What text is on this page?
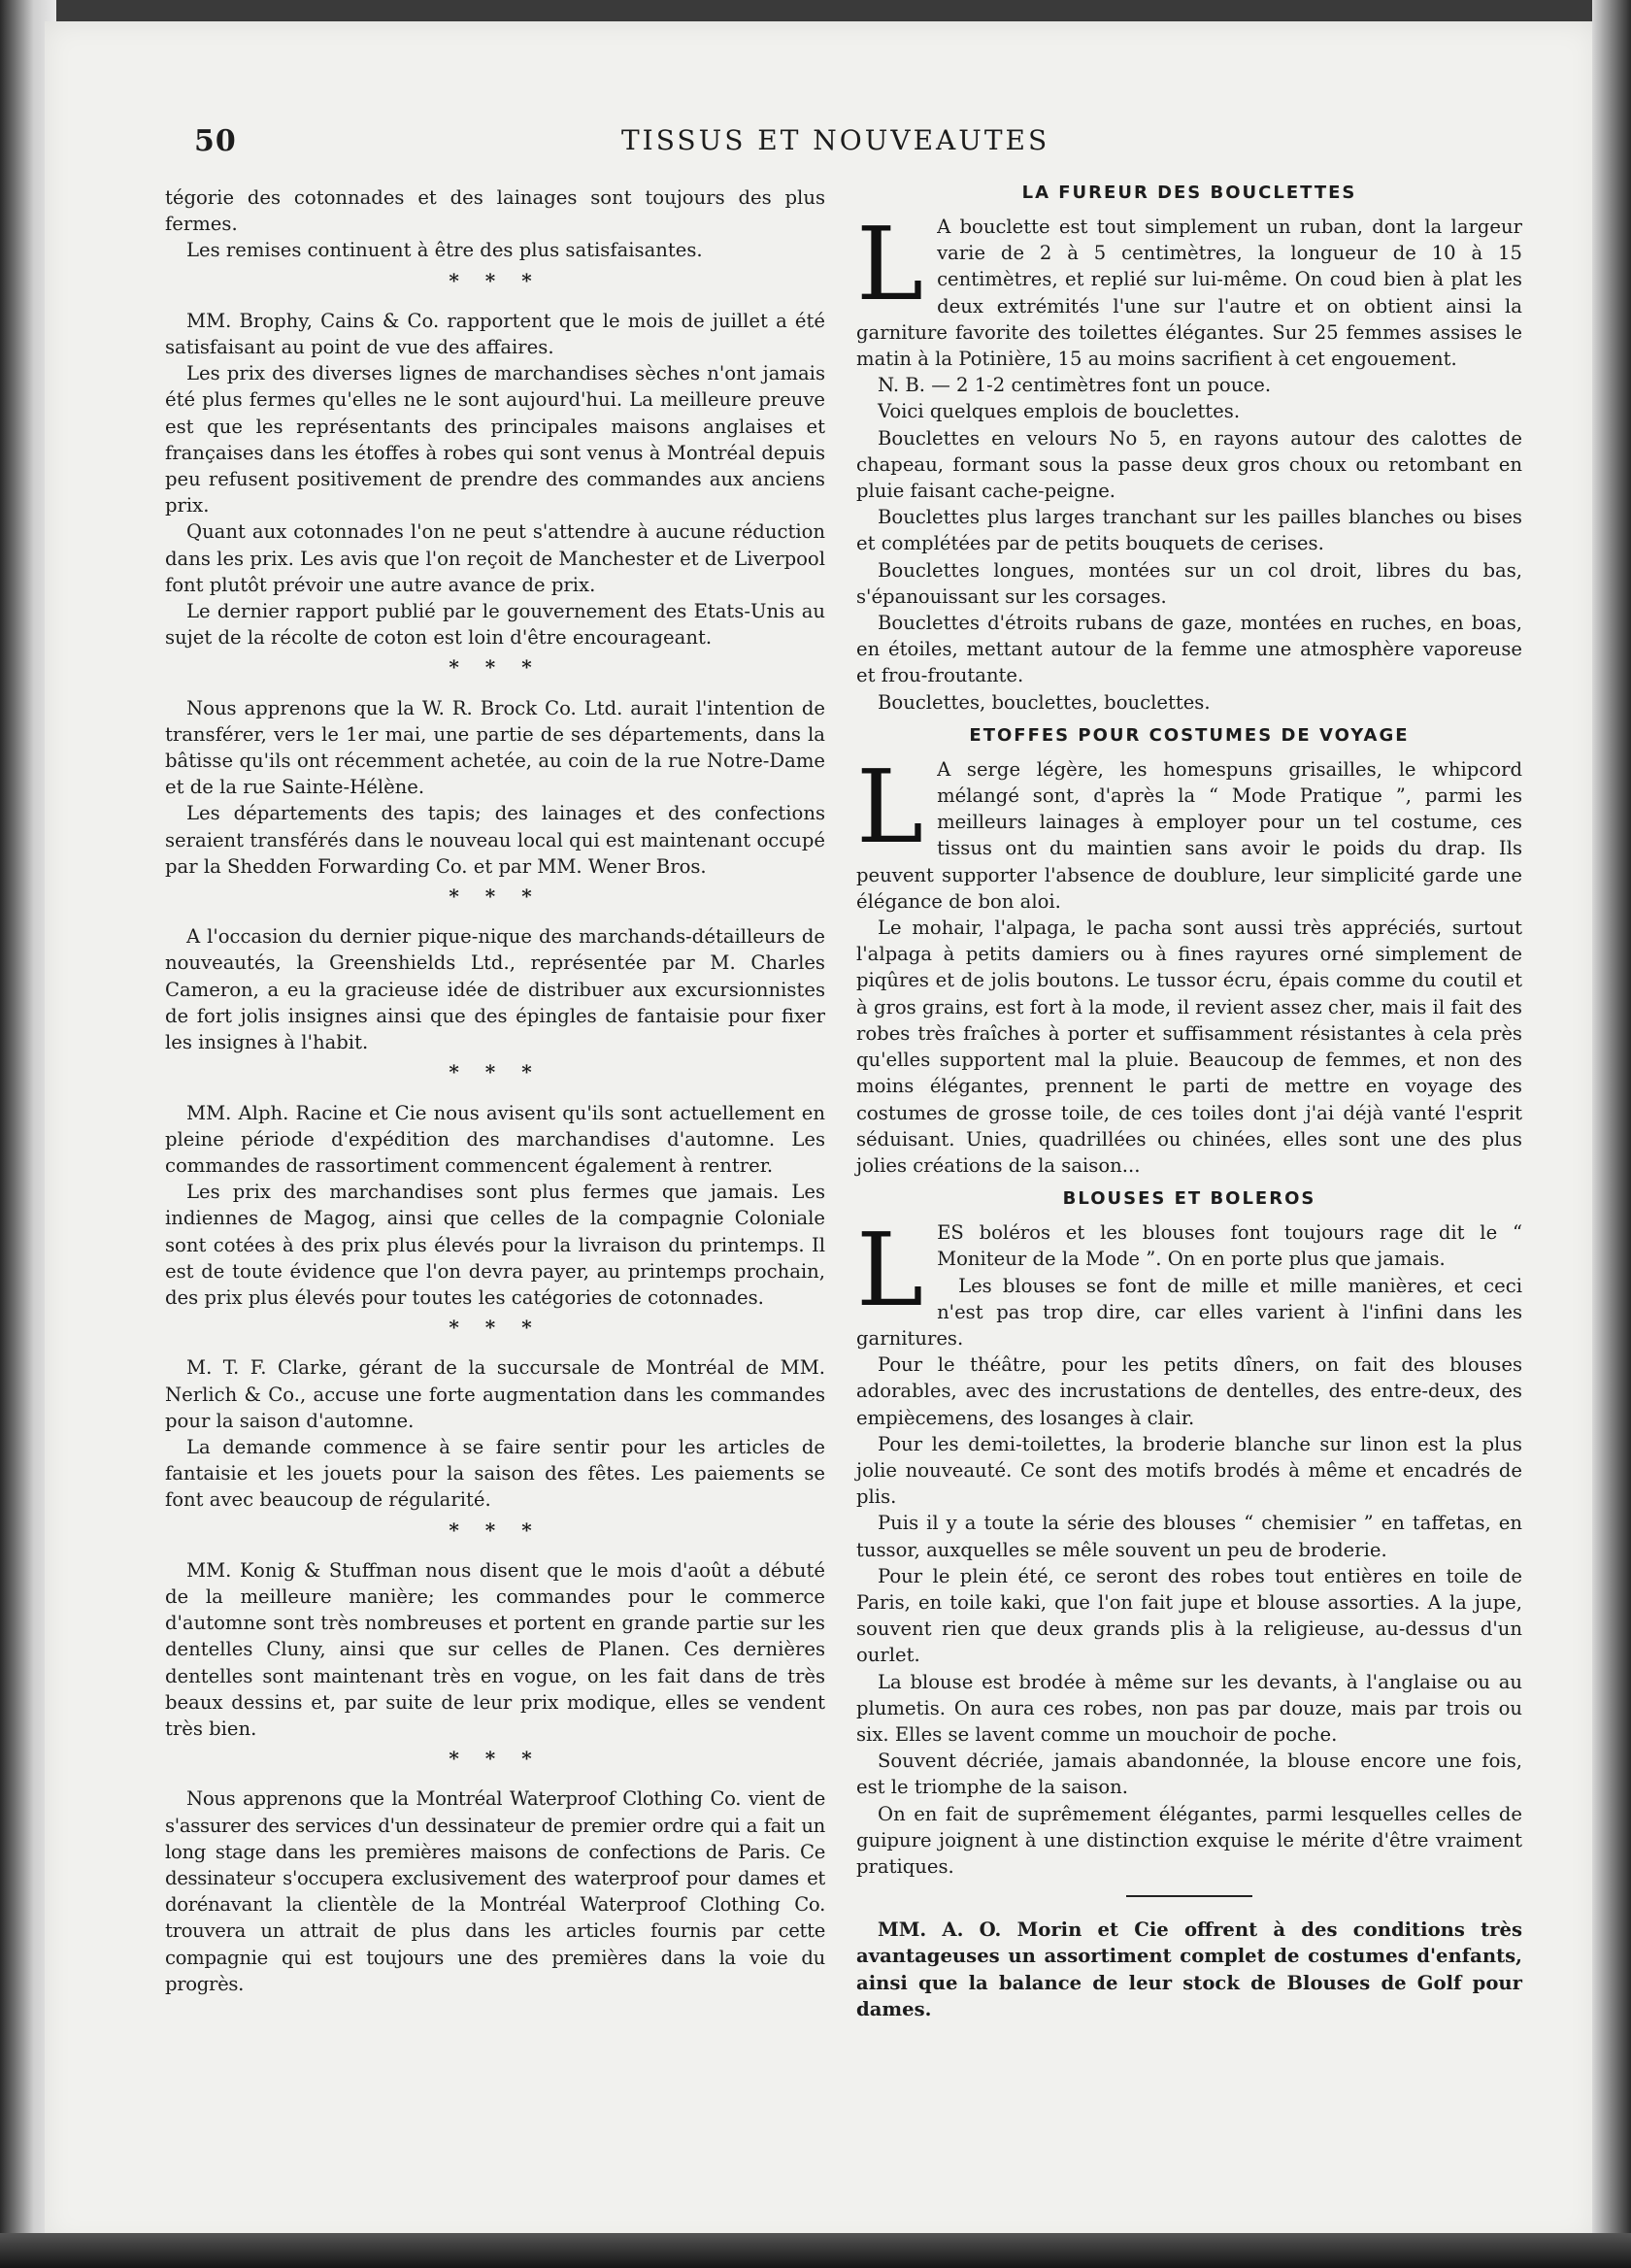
50	TISSUS ET NOUVEAUTES

tégorie des cotonnades et des lainages sont toujours des plus fermes.

Les remises continuent à être des plus satisfaisantes.

* * *

MM. Brophy, Cains & Co. rapportent que le mois de juillet a été satisfaisant au point de vue des affaires.

Les prix des diverses lignes de marchandises sèches n'ont jamais été plus fermes qu'elles ne le sont aujourd'hui. La meilleure preuve est que les représentants des principales maisons anglaises et françaises dans les étoffes à robes qui sont venus à Montréal depuis peu refusent positivement de prendre des commandes aux anciens prix.

Quant aux cotonnades l'on ne peut s'attendre à aucune réduction dans les prix. Les avis que l'on reçoit de Manchester et de Liverpool font plutôt prévoir une autre avance de prix.

Le dernier rapport publié par le gouvernement des Etats-Unis au sujet de la récolte de coton est loin d'être encourageant.

* * *

Nous apprenons que la W. R. Brock Co. Ltd. aurait l'intention de transférer, vers le 1er mai, une partie de ses départements, dans la bâtisse qu'ils ont récemment achetée, au coin de la rue Notre-Dame et de la rue Sainte-Hélène.

Les départements des tapis; des lainages et des confections seraient transférés dans le nouveau local qui est maintenant occupé par la Shedden Forwarding Co. et par MM. Wener Bros.

* * *

A l'occasion du dernier pique-nique des marchands-détailleurs de nouveautés, la Greenshields Ltd., représentée par M. Charles Cameron, a eu la gracieuse idée de distribuer aux excursionnistes de fort jolis insignes ainsi que des épingles de fantaisie pour fixer les insignes à l'habit.

* * *

MM. Alph. Racine et Cie nous avisent qu'ils sont actuellement en pleine période d'expédition des marchandises d'automne. Les commandes de rassortiment commencent également à rentrer.

Les prix des marchandises sont plus fermes que jamais. Les indiennes de Magog, ainsi que celles de la compagnie Coloniale sont cotées à des prix plus élevés pour la livraison du printemps. Il est de toute évidence que l'on devra payer, au printemps prochain, des prix plus élevés pour toutes les catégories de cotonnades.

* * *

M. T. F. Clarke, gérant de la succursale de Montréal de MM. Nerlich & Co., accuse une forte augmentation dans les commandes pour la saison d'automne.

La demande commence à se faire sentir pour les articles de fantaisie et les jouets pour la saison des fêtes. Les paiements se font avec beaucoup de régularité.

* * *

MM. Konig & Stuffman nous disent que le mois d'août a débuté de la meilleure manière; les commandes pour le commerce d'automne sont très nombreuses et portent en grande partie sur les dentelles Cluny, ainsi que sur celles de Planen. Ces dernières dentelles sont maintenant très en vogue, on les fait dans de très beaux dessins et, par suite de leur prix modique, elles se vendent très bien.

* * *

Nous apprenons que la Montréal Waterproof Clothing Co. vient de s'assurer des services d'un dessinateur de premier ordre qui a fait un long stage dans les premières maisons de confections de Paris. Ce dessinateur s'occupera exclusivement des waterproof pour dames et dorénavant la clientèle de la Montréal Waterproof Clothing Co. trouvera un attrait de plus dans les articles fournis par cette compagnie qui est toujours une des premières dans la voie du progrès.

LA FUREUR DES BOUCLETTES

L A bouclette est tout simplement un ruban, dont la largeur varie de 2 à 5 centimètres, la longueur de 10 à 15 centimètres, et replié sur lui-même. On coud bien à plat les deux extrémités l'une sur l'autre et on obtient ainsi la garniture favorite des toilettes élégantes. Sur 25 femmes assises le matin à la Potinière, 15 au moins sacrifient à cet engouement.

N. B. — 2 1-2 centimètres font un pouce.

Voici quelques emplois de bouclettes.

Bouclettes en velours No 5, en rayons autour des calottes de chapeau, formant sous la passe deux gros choux ou retombant en pluie faisant cache-peigne.

Bouclettes plus larges tranchant sur les pailles blanches ou bises et complétées par de petits bouquets de cerises.

Bouclettes longues, montées sur un col droit, libres du bas, s'épanouissant sur les corsages.

Bouclettes d'étroits rubans de gaze, montées en ruches, en boas, en étoiles, mettant autour de la femme une atmosphère vaporeuse et frou-froutante.

Bouclettes, bouclettes, bouclettes.

ETOFFES POUR COSTUMES DE VOYAGE

L A serge légère, les homespuns grisailles, le whipcord mélangé sont, d'après la “ Mode Pratique ”, parmi les meilleurs lainages à employer pour un tel costume, ces tissus ont du maintien sans avoir le poids du drap. Ils peuvent supporter l'absence de doublure, leur simplicité garde une élégance de bon aloi.

Le mohair, l'alpaga, le pacha sont aussi très appréciés, surtout l'alpaga à petits damiers ou à fines rayures orné simplement de piqûres et de jolis boutons. Le tussor écru, épais comme du coutil et à gros grains, est fort à la mode, il revient assez cher, mais il fait des robes très fraîches à porter et suffisamment résistantes à cela près qu'elles supportent mal la pluie. Beaucoup de femmes, et non des moins élégantes, prennent le parti de mettre en voyage des costumes de grosse toile, de ces toiles dont j'ai déjà vanté l'esprit séduisant. Unies, quadrillées ou chinées, elles sont une des plus jolies créations de la saison...

BLOUSES ET BOLEROS

LES boléros et les blouses font toujours rage dit le “ Moniteur de la Mode ”. On en porte plus que jamais.

Les blouses se font de mille et mille manières, et ceci n'est pas trop dire, car elles varient à l'infini dans les garnitures.

Pour le théâtre, pour les petits dîners, on fait des blouses adorables, avec des incrustations de dentelles, des entre-deux, des empiècemens, des losanges à clair.

Pour les demi-toilettes, la broderie blanche sur linon est la plus jolie nouveauté. Ce sont des motifs brodés à même et encadrés de plis.

Puis il y a toute la série des blouses “ chemisier ” en taffetas, en tussor, auxquelles se mêle souvent un peu de broderie.

Pour le plein été, ce seront des robes tout entières en toile de Paris, en toile kaki, que l'on fait jupe et blouse assorties. A la jupe, souvent rien que deux grands plis à la religieuse, au-dessus d'un ourlet.

La blouse est brodée à même sur les devants, à l'anglaise ou au plumetis. On aura ces robes, non pas par douze, mais par trois ou six. Elles se lavent comme un mouchoir de poche.

Souvent décriée, jamais abandonnée, la blouse encore une fois, est le triomphe de la saison.

On en fait de suprêmement élégantes, parmi lesquelles celles de guipure joignent à une distinction exquise le mérite d'être vraiment pratiques.

MM. A. O. Morin et Cie offrent à des conditions très avantageuses un assortiment complet de costumes d'enfants, ainsi que la balance de leur stock de Blouses de Golf pour dames.
